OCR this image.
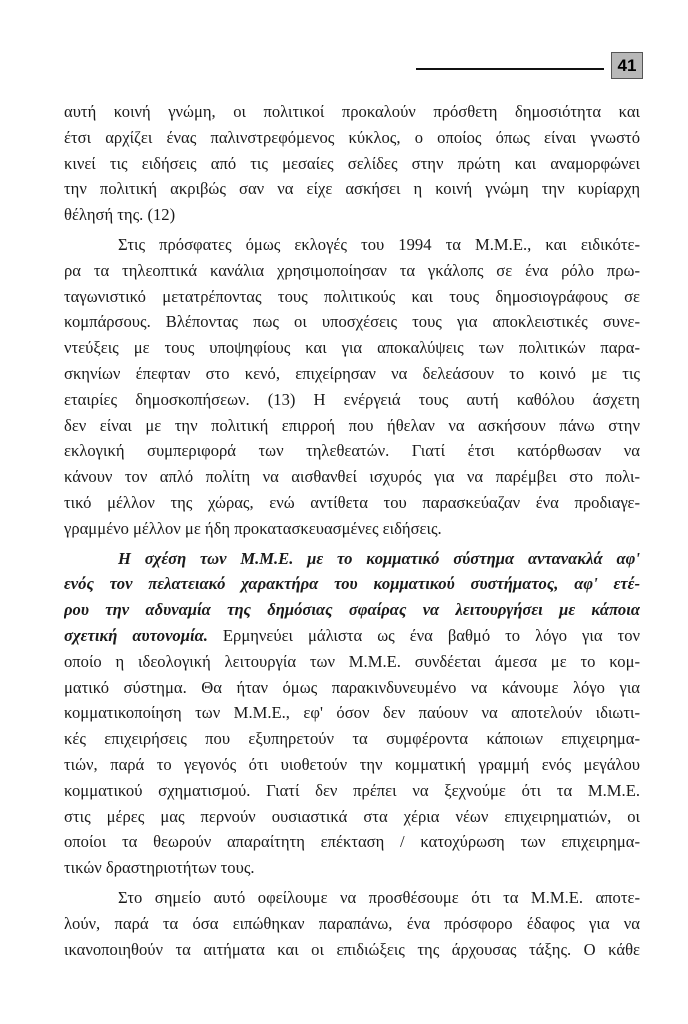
41
αυτή κοινή γνώμη, οι πολιτικοί προκαλούν πρόσθετη δημοσιότητα και
έτσι αρχίζει ένας παλινστρεφόμενος κύκλος, ο οποίος όπως είναι γνωστό
κινεί τις ειδήσεις από τις μεσαίες σελίδες στην πρώτη και αναμορφώνει
την πολιτική ακριβώς σαν να είχε ασκήσει η κοινή γνώμη την κυρίαρχη
θέλησή της. (12)
Στις πρόσφατες όμως εκλογές του 1994 τα Μ.Μ.Ε., και ειδικότε-
ρα τα τηλεοπτικά κανάλια χρησιμοποίησαν τα γκάλοπς σε ένα ρόλο πρω-
ταγωνιστικό μετατρέποντας τους πολιτικούς και τους δημοσιογράφους σε
κομπάρσους. Βλέποντας πως οι υποσχέσεις τους για αποκλειστικές συνε-
ντεύξεις με τους υποψηφίους και για αποκαλύψεις των πολιτικών παρα-
σκηνίων έπεφταν στο κενό, επιχείρησαν να δελεάσουν το κοινό με τις
εταιρίες δημοσκοπήσεων. (13) Η ενέργειά τους αυτή καθόλου άσχετη
δεν είναι με την πολιτική επιρροή που ήθελαν να ασκήσουν πάνω στην
εκλογική συμπεριφορά των τηλεθεατών. Γιατί έτσι κατόρθωσαν να
κάνουν τον απλό πολίτη να αισθανθεί ισχυρός για να παρέμβει στο πολι-
τικό μέλλον της χώρας, ενώ αντίθετα του παρασκεύαζαν ένα προδιαγε-
γραμμένο μέλλον με ήδη προκατασκευασμένες ειδήσεις.
Η σχέση των Μ.Μ.Ε. με το κομματικό σύστημα αντανακλά αφ'
ενός τον πελατειακό χαρακτήρα του κομματικού συστήματος, αφ' ετέ-
ρου την αδυναμία της δημόσιας σφαίρας να λειτουργήσει με κάποια
σχετική αυτονομία. Ερμηνεύει μάλιστα ως ένα βαθμό το λόγο για τον
οποίο η ιδεολογική λειτουργία των Μ.Μ.Ε. συνδέεται άμεσα με το κομ-
ματικό σύστημα. Θα ήταν όμως παρακινδυνευμένο να κάνουμε λόγο για
κομματικοποίηση των Μ.Μ.Ε., εφ' όσον δεν παύουν να αποτελούν ιδιωτι-
κές επιχειρήσεις που εξυπηρετούν τα συμφέροντα κάποιων επιχειρημα-
τιών, παρά το γεγονός ότι υιοθετούν την κομματική γραμμή ενός μεγάλου
κομματικού σχηματισμού. Γιατί δεν πρέπει να ξεχνούμε ότι τα Μ.Μ.Ε.
στις μέρες μας περνούν ουσιαστικά στα χέρια νέων επιχειρηματιών, οι
οποίοι τα θεωρούν απαραίτητη επέκταση / κατοχύρωση των επιχειρημα-
τικών δραστηριοτήτων τους.
Στο σημείο αυτό οφείλουμε να προσθέσουμε ότι τα Μ.Μ.Ε. αποτε-
λούν, παρά τα όσα ειπώθηκαν παραπάνω, ένα πρόσφορο έδαφος για να
ικανοποιηθούν τα αιτήματα και οι επιδιώξεις της άρχουσας τάξης. Ο κάθε
